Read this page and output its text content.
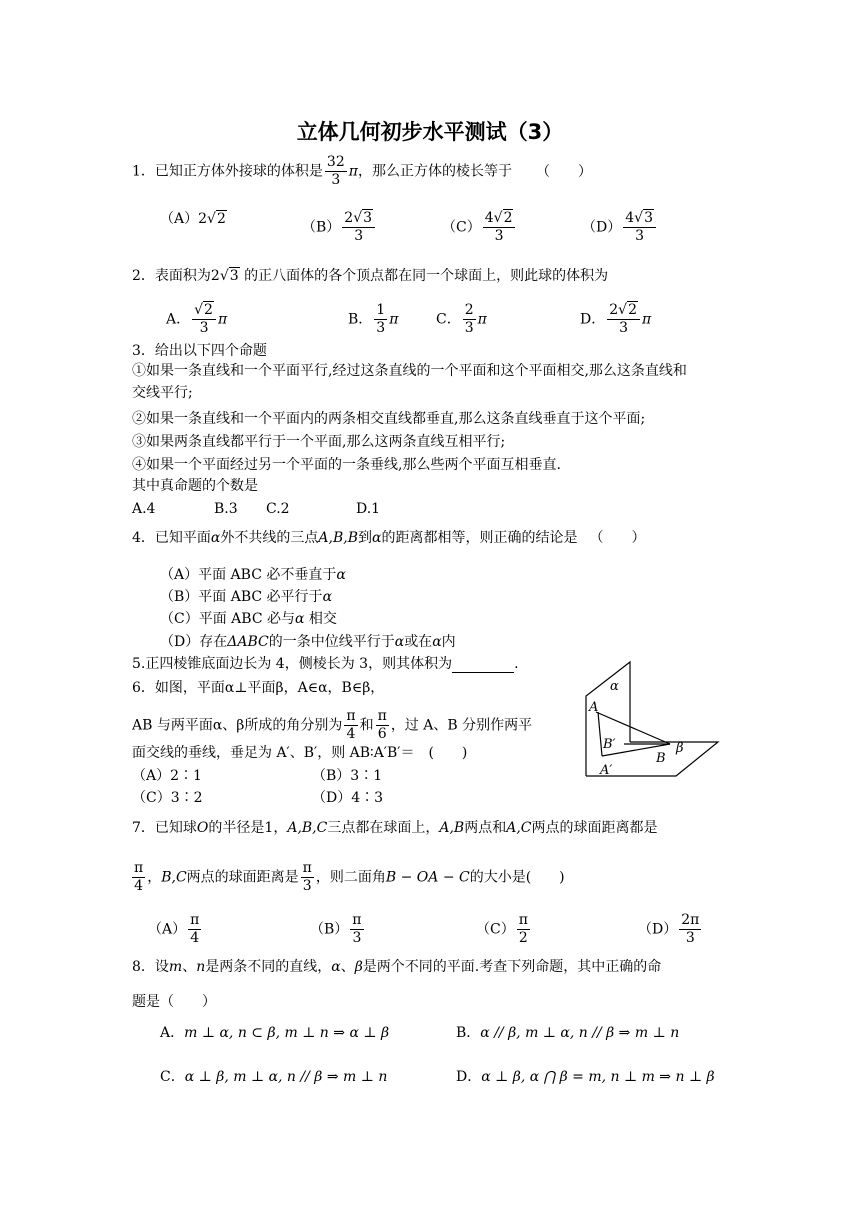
立体几何初步水平测试（3）
1．已知正方体外接球的体积是 $\frac{32}{3}$ π，那么正方体的棱长等于 （　　）
（A）2√2
$(B) \frac{2√3}{3}$	$(C) \frac{4√2}{3}$	$(D) \frac{4√3}{3}$
2．表面积为2√3 的正八面体的各个顶点都在同一个球面上，则此球的体积为
A． $\frac{√2}{3}$ π	B． $\frac{1}{3}$ π	C． $\frac{2}{3}$ π	D． $\frac{2√2}{3}$ π
3．给出以下四个命题
①如果一条直线和一个平面平行,经过这条直线的一个平面和这个平面相交,那么这条直线和
交线平行;
②如果一条直线和一个平面内的两条相交直线都垂直,那么这条直线垂直于这个平面;
③如果两条直线都平行于一个平面,那么这两条直线互相平行;
④如果一个平面经过另一个平面的一条垂线,那么些两个平面互相垂直.
其中真命题的个数是
A.4	B.3 C.2	D.1
4．已知平面α外不共线的三点A,B,B到α的距离都相等，则正确的结论是 （　　）
（A）平面 ABC 必不垂直于α
（B）平面 ABC 必平行于α
（C）平面 ABC 必与α 相交
（D）存在ΔABC的一条中位线平行于α或在α内
5.正四棱锥底面边长为 4，侧棱长为 3，则其体积为	.
6．如图，平面α⊥平面β，A∈α，B∈β，
AB 与两平面α、β所成的角分别为 $\frac{\pi}{4}$ 和 $\frac{\pi}{6}$ ，过 A、B 分别作两平
面交线的垂线，垂足为 A′、B′，则 AB∶A′B′＝　(　　)
（A）2∶1	（B）3∶1
（C）3∶2	（D）4∶3
α
β
A
B
B′
A′
7．已知球O的半径是1，A,B,C三点都在球面上，A,B两点和A,C两点的球面距离都是
$\frac{\pi}{4}$ ，B,C两点的球面距离是 $\frac{\pi}{3}$ ，则二面角B − OA − C的大小是(　　)
$(A) \frac{\pi}{4}$	$(B) \frac{\pi}{3}$	$(C) \frac{\pi}{2}$	$(D) \frac{2\pi}{3}$
8．设m、n是两条不同的直线，α、β是两个不同的平面.考查下列命题，其中正确的命
题是（　　）
A．m ⊥ α, n ⊂ β, m ⊥ n ⇒ α ⊥ β	B．α // β, m ⊥ α, n // β ⇒ m ⊥ n
C．α ⊥ β, m ⊥ α, n // β ⇒ m ⊥ n	D．α ⊥ β, α ⋂ β = m, n ⊥ m ⇒ n ⊥ β
